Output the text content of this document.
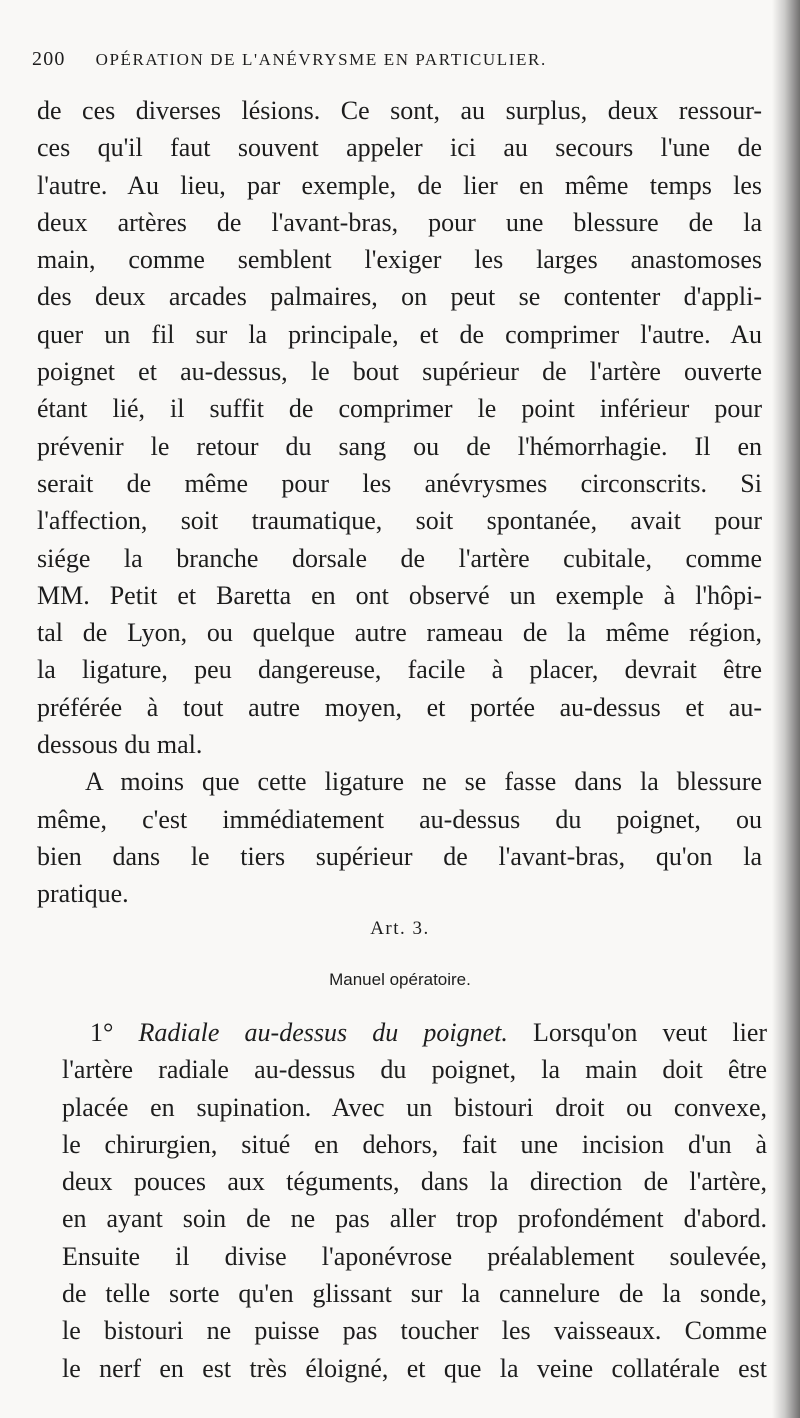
200 OPÉRATION DE L'ANÉVRYSME EN PARTICULIER.
de ces diverses lésions. Ce sont, au surplus, deux ressour-
ces qu'il faut souvent appeler ici au secours l'une de
l'autre. Au lieu, par exemple, de lier en même temps les
deux artères de l'avant-bras, pour une blessure de la
main, comme semblent l'exiger les larges anastomoses
des deux arcades palmaires, on peut se contenter d'appli-
quer un fil sur la principale, et de comprimer l'autre. Au
poignet et au-dessus, le bout supérieur de l'artère ouverte
étant lié, il suffit de comprimer le point inférieur pour
prévenir le retour du sang ou de l'hémorrhagie. Il en
serait de même pour les anévrysmes circonscrits. Si
l'affection, soit traumatique, soit spontanée, avait pour
siége la branche dorsale de l'artère cubitale, comme
MM. Petit et Baretta en ont observé un exemple à l'hôpi-
tal de Lyon, ou quelque autre rameau de la même région,
la ligature, peu dangereuse, facile à placer, devrait être
préférée à tout autre moyen, et portée au-dessus et au-
dessous du mal.
A moins que cette ligature ne se fasse dans la blessure
même, c'est immédiatement au-dessus du poignet, ou
bien dans le tiers supérieur de l'avant-bras, qu'on la
pratique.
Art. 3.
Manuel opératoire.
1° Radiale au-dessus du poignet. Lorsqu'on veut lier
l'artère radiale au-dessus du poignet, la main doit être
placée en supination. Avec un bistouri droit ou convexe,
le chirurgien, situé en dehors, fait une incision d'un à
deux pouces aux téguments, dans la direction de l'artère,
en ayant soin de ne pas aller trop profondément d'abord.
Ensuite il divise l'aponévrose préalablement soulevée,
de telle sorte qu'en glissant sur la cannelure de la sonde,
le bistouri ne puisse pas toucher les vaisseaux. Comme
le nerf en est très éloigné, et que la veine collatérale est
